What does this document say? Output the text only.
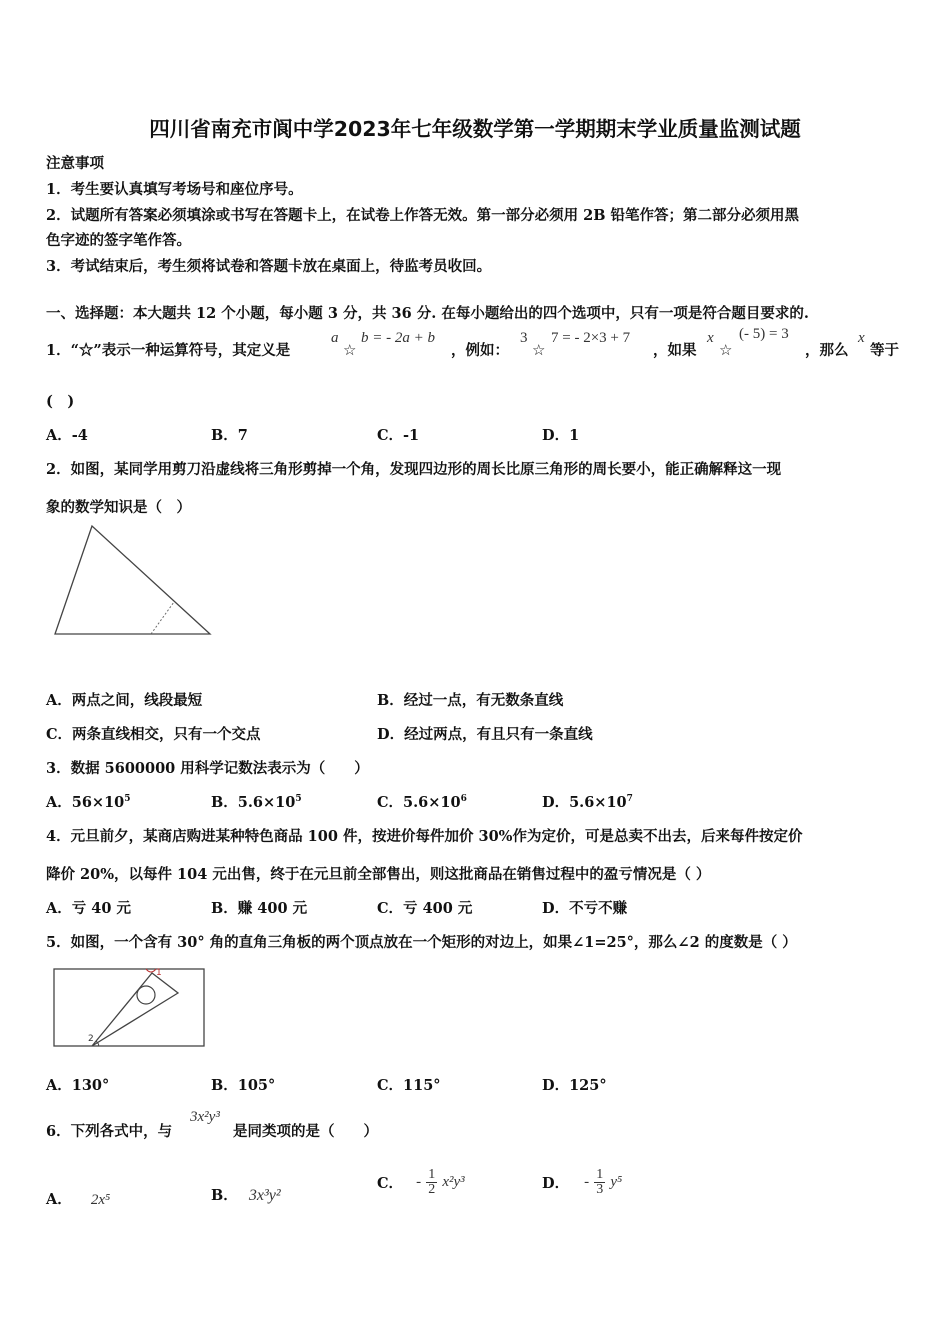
四川省南充市阆中学2023年七年级数学第一学期期末学业质量监测试题
注意事项
1．考生要认真填写考场号和座位序号。
2．试题所有答案必须填涂或书写在答题卡上，在试卷上作答无效。第一部分必须用 2B 铅笔作答；第二部分必须用黑
色字迹的签字笔作答。
3．考试结束后，考生须将试卷和答题卡放在桌面上，待监考员收回。
一、选择题：本大题共 12 个小题，每小题 3 分，共 36 分. 在每小题给出的四个选项中，只有一项是符合题目要求的.
1．“☆”表示一种运算符号，其定义是
a
☆
b = - 2a + b
，例如：
3
☆
7 = - 2×3 + 7
，如果
x
☆
(- 5) = 3
，那么
x
等于
(　)
A．-4	B．7	C．-1	D．1
2．如图，某同学用剪刀沿虚线将三角形剪掉一个角，发现四边形的周长比原三角形的周长要小，能正确解释这一现
象的数学知识是（　）
A．两点之间，线段最短	B．经过一点，有无数条直线
C．两条直线相交，只有一个交点	D．经过两点，有且只有一条直线
3．数据 5600000 用科学记数法表示为（　　）
A．$56\times 10^5$	B．$5.6\times 10^5$	C．$5.6\times 10^6$	D．$5.6\times 10^7$
4．元旦前夕，某商店购进某种特色商品 100 件，按进价每件加价 30%作为定价，可是总卖不出去，后来每件按定价
降价 20%，以每件 104 元出售，终于在元旦前全部售出，则这批商品在销售过程中的盈亏情况是（ ）
A．亏 40 元	B．赚 400 元	C．亏 400 元	D．不亏不赚
5．如图，一个含有 30° 角的直角三角板的两个顶点放在一个矩形的对边上，如果∠1=25°，那么∠2 的度数是（ ）
1
2
A．130°	B．105°	C．115°	D．125°
6．下列各式中，与
3x²y³
是同类项的是（　　）
A． 2x⁵	B． 3x³y²
C． - $\frac{1}{2} x^2y^3$	D． - $\frac{1}{3} y^5$
